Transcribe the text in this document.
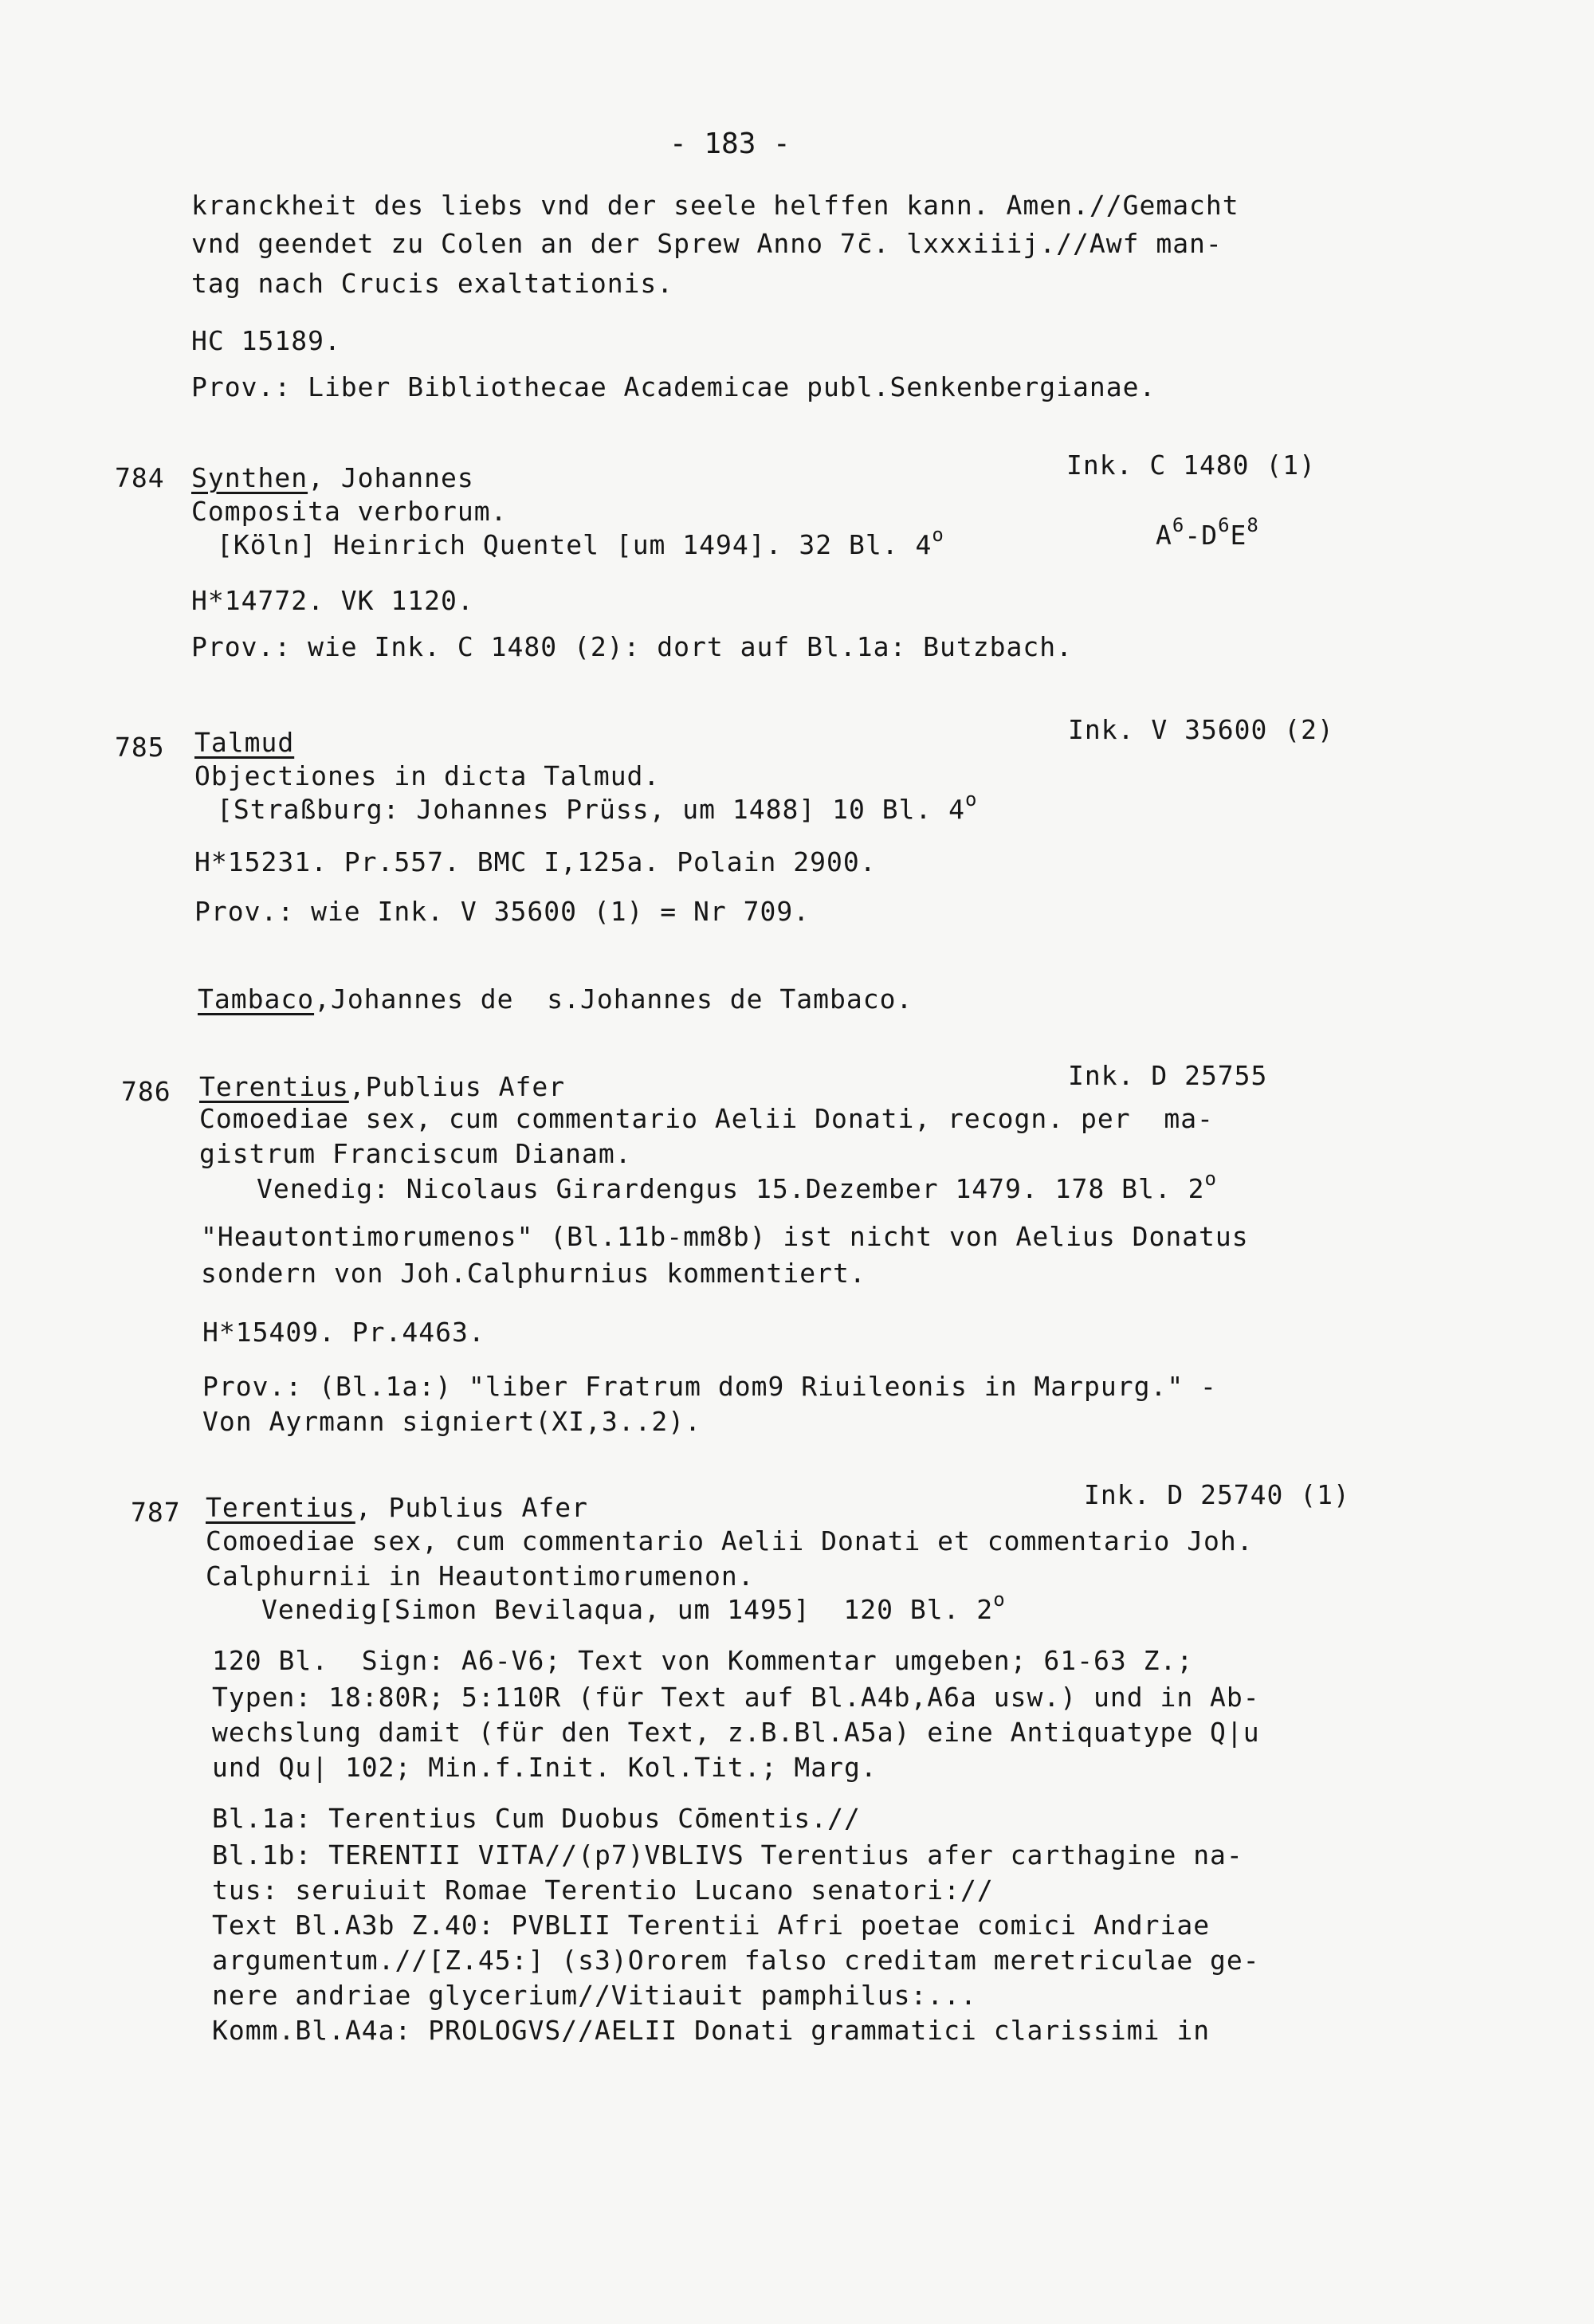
- 183 -
kranckheit des liebs vnd der seele helffen kann. Amen.//Gemacht
vnd geendet zu Colen an der Sprew Anno 7c̄. lxxxiiij.//Awf man-
tag nach Crucis exaltationis.
HC 15189.
Prov.: Liber Bibliothecae Academicae publ.Senkenbergianae.
784 Synthen, Johannes	Ink. C 1480 (1)
Composita verborum.
[Köln] Heinrich Quentel [um 1494]. 32 Bl. 4$^o$	$A^6-D^6E^8$
H*14772. VK 1120.
Prov.: wie Ink. C 1480 (2): dort auf Bl.1a: Butzbach.
785 Talmud	Ink. V 35600 (2)
Objectiones in dicta Talmud.
[Straßburg: Johannes Prüss, um 1488] 10 Bl. 4$^o$
H*15231. Pr.557. BMC I,125a. Polain 2900.
Prov.: wie Ink. V 35600 (1) = Nr 709.
Tambaco,Johannes de  s.Johannes de Tambaco.
786 Terentius,Publius Afer	Ink. D 25755
Comoediae sex, cum commentario Aelii Donati, recogn. per  ma-
gistrum Franciscum Dianam.
Venedig: Nicolaus Girardengus 15.Dezember 1479. 178 Bl. 2$^o$
"Heautontimorumenos" (Bl.11b-mm8b) ist nicht von Aelius Donatus
sondern von Joh.Calphurnius kommentiert.
H*15409. Pr.4463.
Prov.: (Bl.1a:) "liber Fratrum dom9 Riuileonis in Marpurg." -
Von Ayrmann signiert(XI,3..2).
787 Terentius, Publius Afer	Ink. D 25740 (1)
Comoediae sex, cum commentario Aelii Donati et commentario Joh.
Calphurnii in Heautontimorumenon.
Venedig[Simon Bevilaqua, um 1495]  120 Bl. 2$^o$
120 Bl.  Sign: A6-V6; Text von Kommentar umgeben; 61-63 Z.;
Typen: 18:80R; 5:110R (für Text auf Bl.A4b,A6a usw.) und in Ab-
wechslung damit (für den Text, z.B.Bl.A5a) eine Antiquatype Q|u
und Qu| 102; Min.f.Init. Kol.Tit.; Marg.
Bl.1a: Terentius Cum Duobus Cōmentis.//
Bl.1b: TERENTII VITA//(p7)VBLIVS Terentius afer carthagine na-
tus: seruiuit Romae Terentio Lucano senatori://
Text Bl.A3b Z.40: PVBLII Terentii Afri poetae comici Andriae
argumentum.//[Z.45:] (s3)Ororem falso creditam meretriculae ge-
nere andriae glycerium//Vitiauit pamphilus:...
Komm.Bl.A4a: PROLOGVS//AELII Donati grammatici clarissimi in
